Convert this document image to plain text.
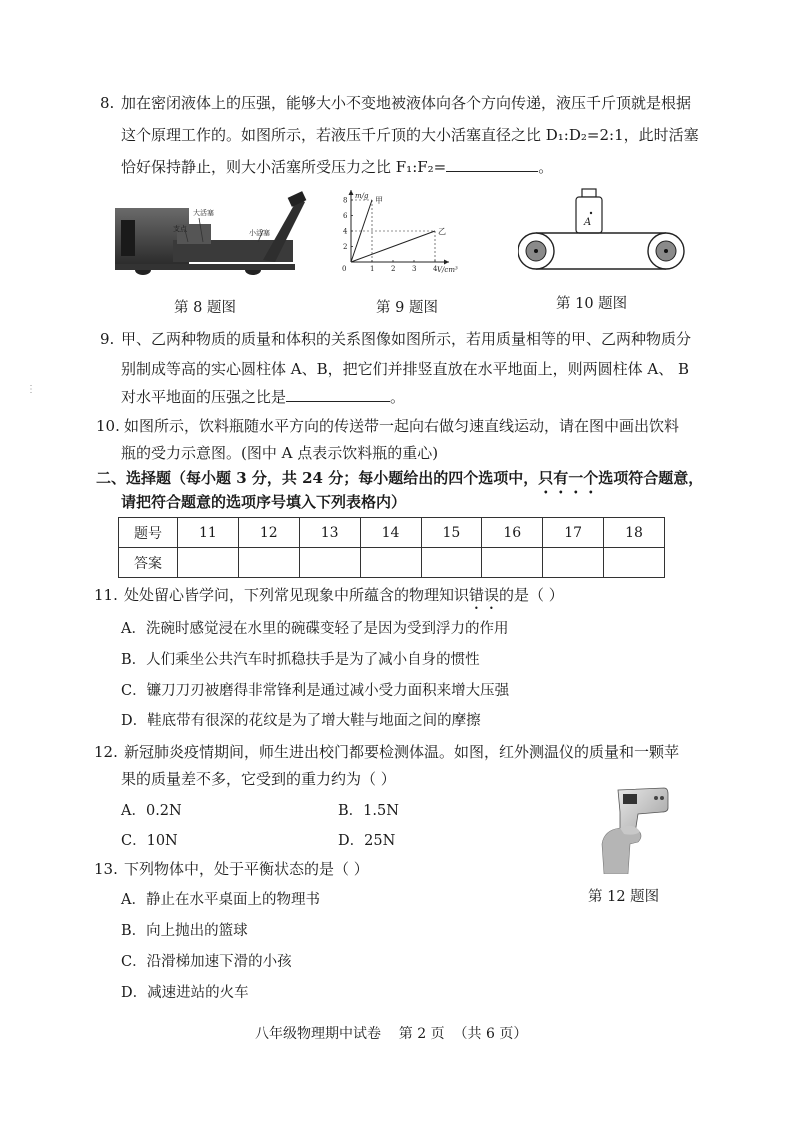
⋮
8. 加在密闭液体上的压强，能够大小不变地被液体向各个方向传递，液压千斤顶就是根据
这个原理工作的。如图所示，若液压千斤顶的大小活塞直径之比 D₁:D₂=2:1，此时活塞
恰好保持静止，则大小活塞所受压力之比 F₁:F₂=	。
大活塞
支点	小活塞
第 8 题图
m/g
V/cm³
0	1 2 3 4
2
4
6
8	甲
乙
第 9 题图
A
第 10 题图
9. 甲、乙两种物质的质量和体积的关系图像如图所示，若用质量相等的甲、乙两种物质分
别制成等高的实心圆柱体 A、B，把它们并排竖直放在水平地面上，则两圆柱体 A、 B
对水平地面的压强之比是	。
10. 如图所示，饮料瓶随水平方向的传送带一起向右做匀速直线运动，请在图中画出饮料
瓶的受力示意图。(图中 A 点表示饮料瓶的重心)
二、选择题（每小题 3 分，共 24 分；每小题给出的四个选项中，只有一个选项符合题意，
请把符合题意的选项序号填入下列表格内）
题号	11	12	13	14	15	16	17	18
答案								
11. 处处留心皆学问，下列常见现象中所蕴含的物理知识错误的是（ ）
A．洗碗时感觉浸在水里的碗碟变轻了是因为受到浮力的作用
B．人们乘坐公共汽车时抓稳扶手是为了减小自身的惯性
C．镰刀刀刃被磨得非常锋利是通过减小受力面积来增大压强
D．鞋底带有很深的花纹是为了增大鞋与地面之间的摩擦
12. 新冠肺炎疫情期间，师生进出校门都要检测体温。如图，红外测温仪的质量和一颗苹
果的质量差不多，它受到的重力约为（ ）
A．0.2N	B．1.5N
C．10N	D．25N
第 12 题图
13. 下列物体中，处于平衡状态的是（ ）
A．静止在水平桌面上的物理书
B．向上抛出的篮球
C．沿滑梯加速下滑的小孩
D．减速进站的火车
八年级物理期中试卷    第 2 页  （共 6 页）
